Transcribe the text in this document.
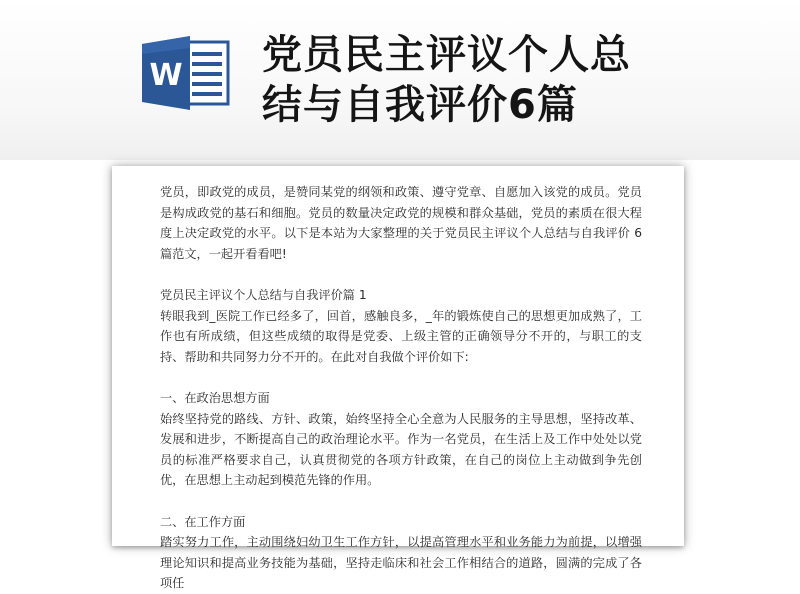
W 党员民主评议个人总
结与自我评价6篇

党员，即政党的成员，是赞同某党的纲领和政策、遵守党章、自愿加入该党的成员。党员是构成政党的基石和细胞。党员的数量决定政党的规模和群众基础，党员的素质在很大程度上决定政党的水平。以下是本站为大家整理的关于党员民主评议个人总结与自我评价 6 篇范文，一起开看看吧!

党员民主评议个人总结与自我评价篇 1

转眼我到_医院工作已经多了，回首，感触良多，_年的锻炼使自己的思想更加成熟了，工作也有所成绩，但这些成绩的取得是党委、上级主管的正确领导分不开的，与职工的支持、帮助和共同努力分不开的。在此对自我做个评价如下:

一、在政治思想方面

始终坚持党的路线、方针、政策，始终坚持全心全意为人民服务的主导思想，坚持改革、发展和进步，不断提高自己的政治理论水平。作为一名党员，在生活上及工作中处处以党员的标准严格要求自己，认真贯彻党的各项方针政策，在自己的岗位上主动做到争先创优，在思想上主动起到模范先锋的作用。

二、在工作方面

踏实努力工作，主动围绕妇幼卫生工作方针，以提高管理水平和业务能力为前提，以增强理论知识和提高业务技能为基础，坚持走临床和社会工作相结合的道路，圆满的完成了各项任
